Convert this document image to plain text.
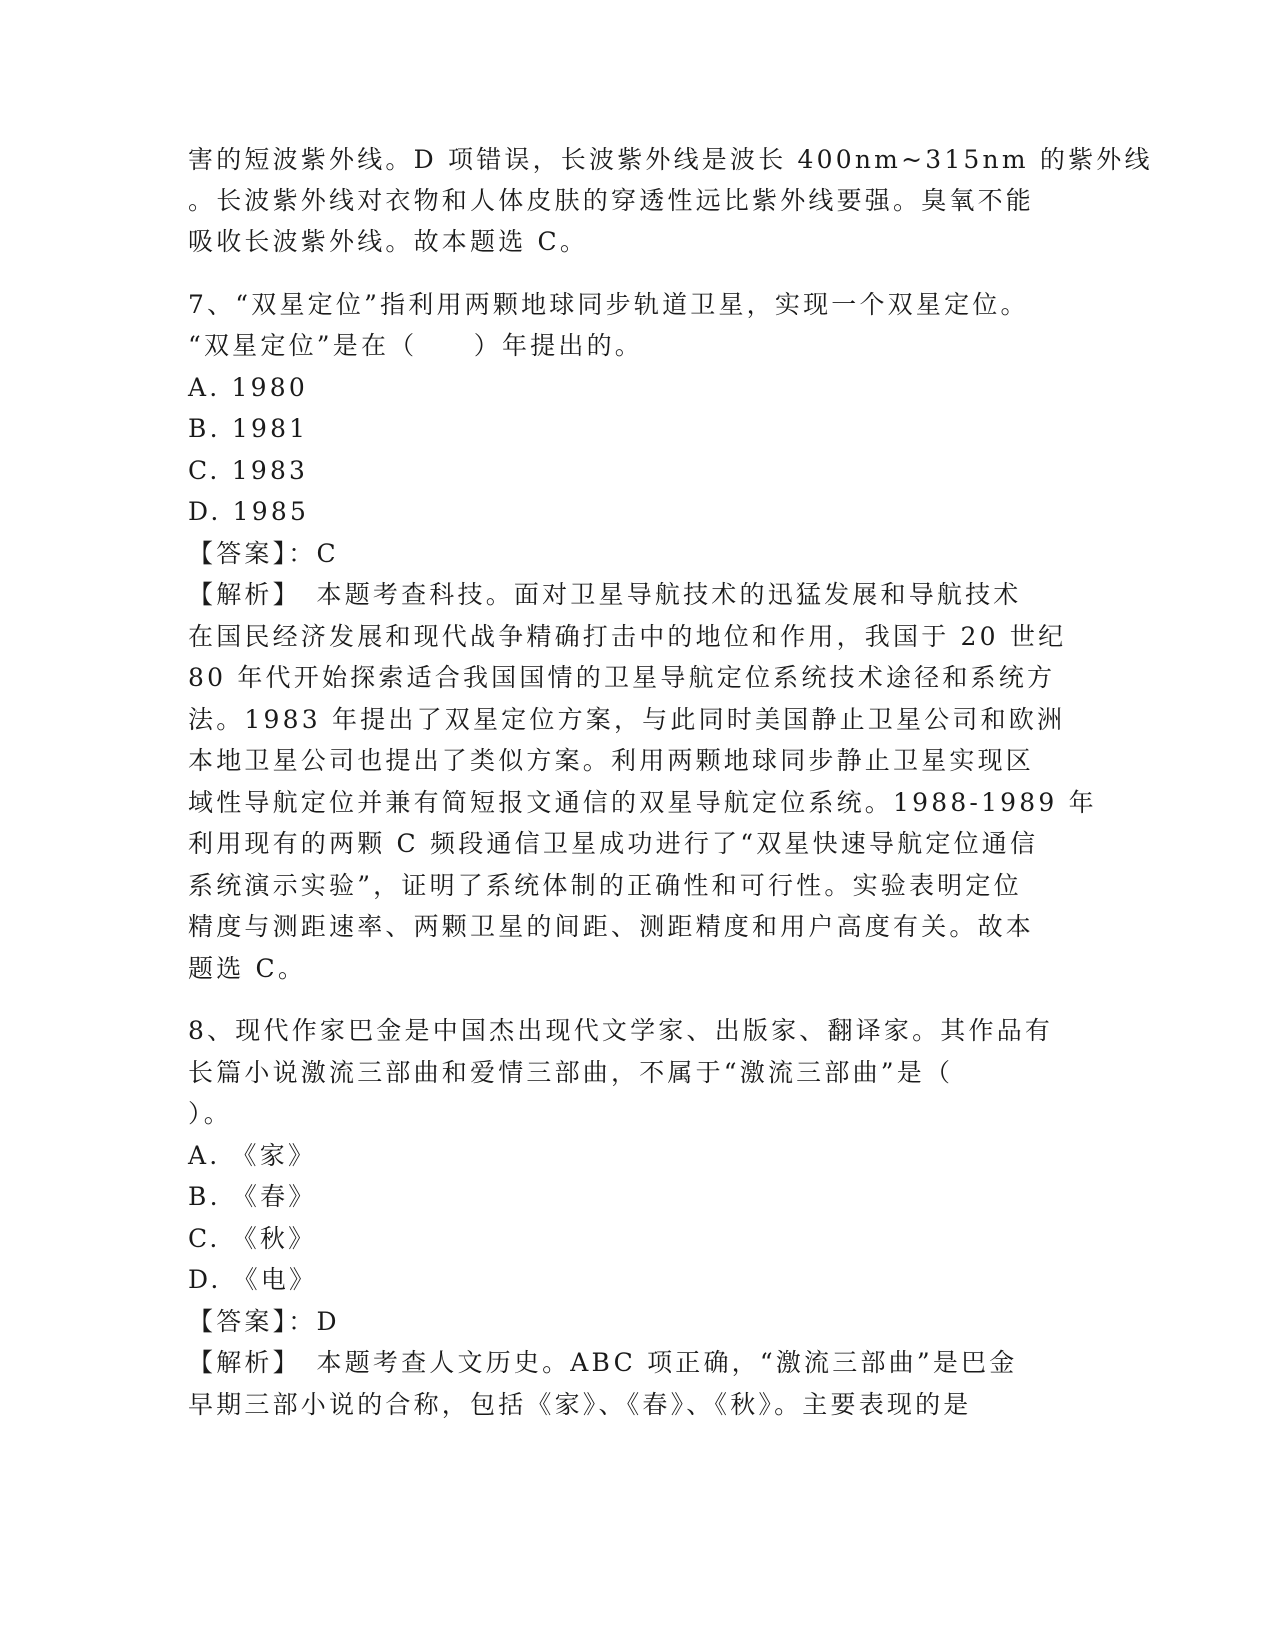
害的短波紫外线。D 项错误，长波紫外线是波长 400nm~315nm 的紫外线
。长波紫外线对衣物和人体皮肤的穿透性远比紫外线要强。臭氧不能
吸收长波紫外线。故本题选 C。
7、“双星定位”指利用两颗地球同步轨道卫星，实现一个双星定位。
“双星定位”是在（　　）年提出的。
A. 1980
B. 1981
C. 1983
D. 1985
【答案】：C
【解析】　本题考查科技。面对卫星导航技术的迅猛发展和导航技术
在国民经济发展和现代战争精确打击中的地位和作用，我国于 20 世纪
80 年代开始探索适合我国国情的卫星导航定位系统技术途径和系统方
法。1983 年提出了双星定位方案，与此同时美国静止卫星公司和欧洲
本地卫星公司也提出了类似方案。利用两颗地球同步静止卫星实现区
域性导航定位并兼有简短报文通信的双星导航定位系统。1988-1989 年
利用现有的两颗 C 频段通信卫星成功进行了“双星快速导航定位通信
系统演示实验”，证明了系统体制的正确性和可行性。实验表明定位
精度与测距速率、两颗卫星的间距、测距精度和用户高度有关。故本
题选 C。
8、现代作家巴金是中国杰出现代文学家、出版家、翻译家。其作品有
长篇小说激流三部曲和爱情三部曲，不属于“激流三部曲”是（
）。
A. 《家》
B. 《春》
C. 《秋》
D. 《电》
【答案】：D
【解析】　本题考查人文历史。ABC 项正确，“激流三部曲”是巴金
早期三部小说的合称，包括《家》、《春》、《秋》。主要表现的是
